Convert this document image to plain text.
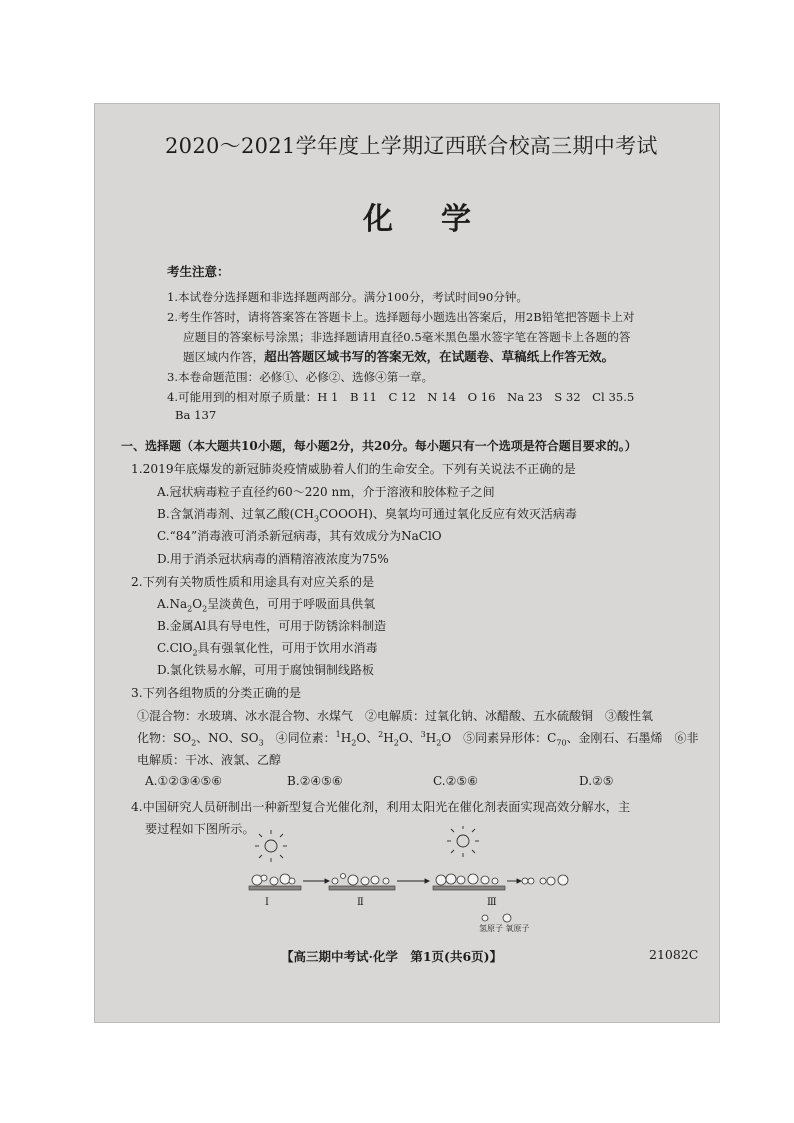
2020～2021学年度上学期辽西联合校高三期中考试
化学
考生注意：
1.本试卷分选择题和非选择题两部分。满分100分，考试时间90分钟。
2.考生作答时，请将答案答在答题卡上。选择题每小题选出答案后，用2B铅笔把答题卡上对
应题目的答案标号涂黑；非选择题请用直径0.5毫米黑色墨水签字笔在答题卡上各题的答
题区域内作答，超出答题区域书写的答案无效，在试题卷、草稿纸上作答无效。
3.本卷命题范围：必修①、必修②、选修④第一章。
4.可能用到的相对原子质量：H 1　B 11　C 12　N 14　O 16　Na 23　S 32　Cl 35.5
Ba 137
一、选择题（本大题共10小题，每小题2分，共20分。每小题只有一个选项是符合题目要求的。）
1.2019年底爆发的新冠肺炎疫情威胁着人们的生命安全。下列有关说法不正确的是
A.冠状病毒粒子直径约60～220 nm，介于溶液和胶体粒子之间
B.含氯消毒剂、过氧乙酸$(CH_3COOOH)$、臭氧均可通过氧化反应有效灭活病毒
C.“84”消毒液可消杀新冠病毒，其有效成分为NaClO
D.用于消杀冠状病毒的酒精溶液浓度为75%
2.下列有关物质性质和用途具有对应关系的是
$A.Na_2O_2$呈淡黄色，可用于呼吸面具供氧
B.金属Al具有导电性，可用于防锈涂料制造
C.ClO$_2$具有强氧化性，可用于饮用水消毒
D.氯化铁易水解，可用于腐蚀铜制线路板
3.下列各组物质的分类正确的是
①混合物：水玻璃、冰水混合物、水煤气　②电解质：过氧化钠、冰醋酸、五水硫酸铜　③酸性氧
化物：$SO_2$、NO、$SO_3$　④同位素：$^1H_2O$、$^2H_2O$、$^3H_2O$　⑤同素异形体：$C_{70}$、金刚石、石墨烯　⑥非
电解质：干冰、液氯、乙醇
A.①②③④⑤⑥	B.②④⑤⑥	C.②⑤⑥	D.②⑤
4.中国研究人员研制出一种新型复合光催化剂，利用太阳光在催化剂表面实现高效分解水，主
要过程如下图所示。
Ⅰ	Ⅱ	Ⅲ
氢原子 氧原子
【高三期中考试·化学　第1页(共6页)】	21082C
